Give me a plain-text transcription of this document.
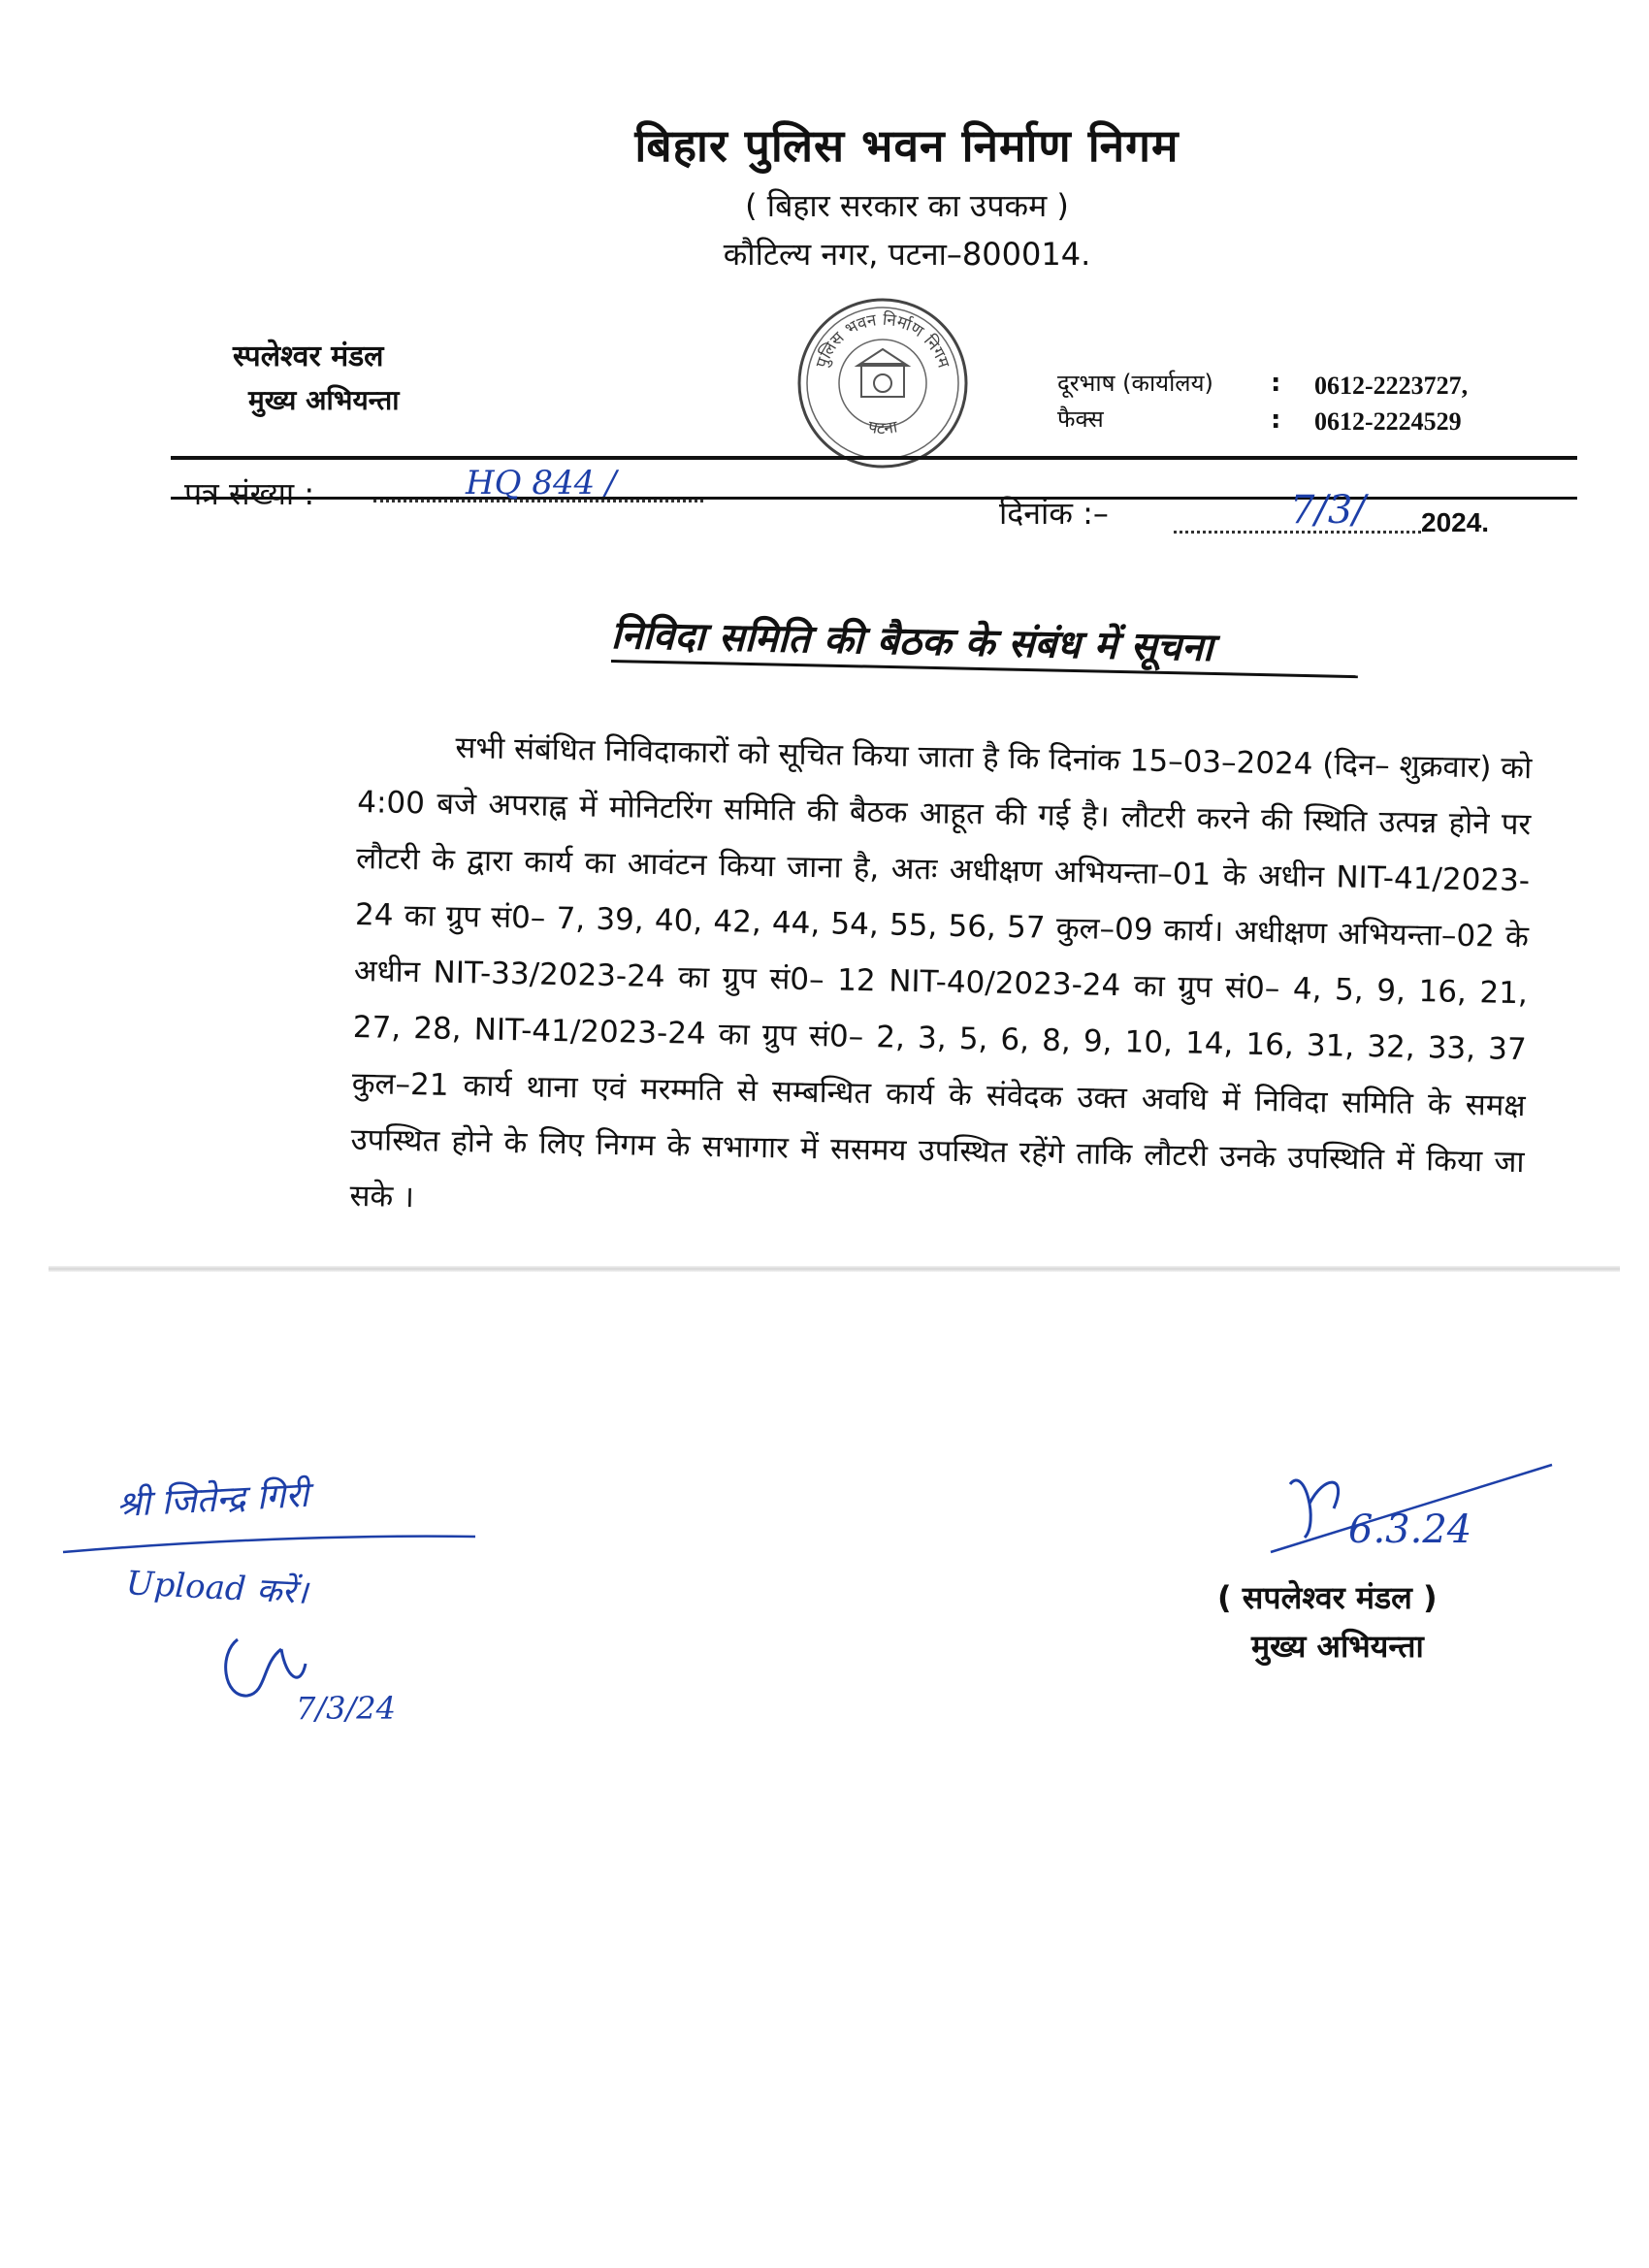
बिहार पुलिस भवन निर्माण निगम
( बिहार सरकार का उपकम )
कौटिल्य नगर, पटना–800014.
स्पलेश्वर मंडल
मुख्य अभियन्ता
पुलिस भवन निर्माण निगम
पटना
दूरभाष (कार्यालय) : 0612-2223727,
फैक्स	: 0612-2224529
पत्र संख्या :	HQ 844 /
दिनांक :–	7/3/ 2024.
निविदा समिति की बैठक के संबंध में सूचना
सभी संबंधित निविदाकारों को सूचित किया जाता है कि दिनांक 15–03–2024 (दिन– शुक्रवार) को 4:00 बजे अपराह्न में मोनिटरिंग समिति की बैठक आहूत की गई है। लौटरी करने की स्थिति उत्पन्न होने पर लौटरी के द्वारा कार्य का आवंटन किया जाना है, अतः अधीक्षण अभियन्ता–01 के अधीन NIT-41/2023-24 का ग्रुप सं0– 7, 39, 40, 42, 44, 54, 55, 56, 57 कुल–09 कार्य। अधीक्षण अभियन्ता–02 के अधीन NIT-33/2023-24 का ग्रुप सं0– 12 NIT-40/2023-24 का ग्रुप सं0– 4, 5, 9, 16, 21, 27, 28, NIT-41/2023-24 का ग्रुप सं0– 2, 3, 5, 6, 8, 9, 10, 14, 16, 31, 32, 33, 37 कुल–21 कार्य थाना एवं मरम्मति से सम्बन्धित कार्य के संवेदक उक्त अवधि में निविदा समिति के समक्ष उपस्थित होने के लिए निगम के सभागार में ससमय उपस्थित रहेंगे ताकि लौटरी उनके उपस्थिति में किया जा सके ।
6.3.24
( सपलेश्वर मंडल )
मुख्य अभियन्ता
श्री जितेन्द्र गिरी
Upload करें।
7/3/24
